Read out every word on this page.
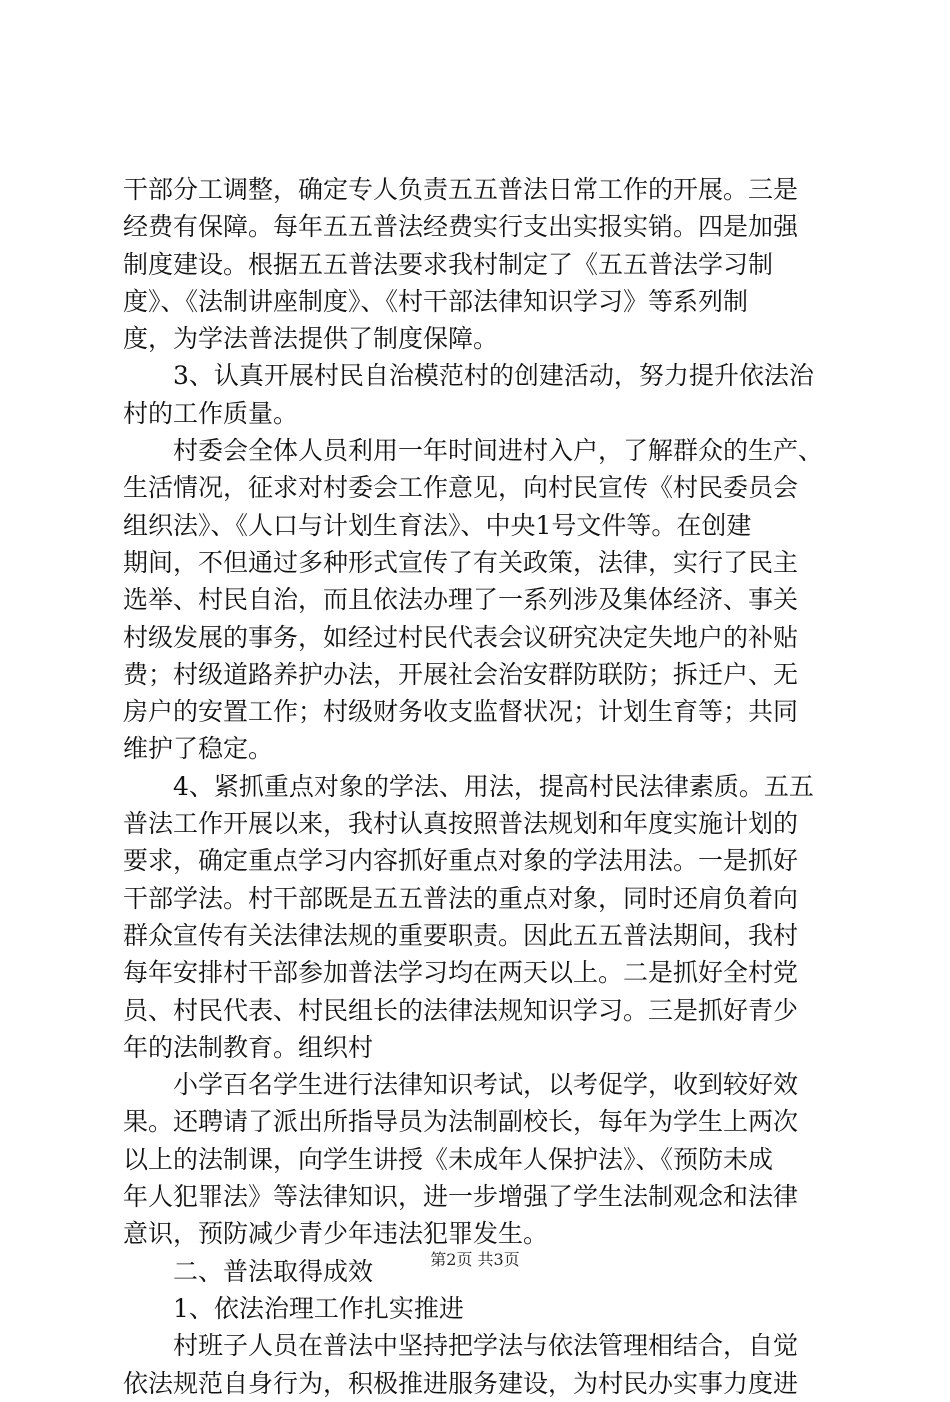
干部分工调整，确定专人负责五五普法日常工作的开展。三是
经费有保障。每年五五普法经费实行支出实报实销。四是加强
制度建设。根据五五普法要求我村制定了《五五普法学习制
度》、《法制讲座制度》、《村干部法律知识学习》等系列制
度，为学法普法提供了制度保障。
　　3、认真开展村民自治模范村的创建活动，努力提升依法治
村的工作质量。
　　村委会全体人员利用一年时间进村入户，了解群众的生产、
生活情况，征求对村委会工作意见，向村民宣传《村民委员会
组织法》、《人口与计划生育法》、中央1号文件等。在创建
期间，不但通过多种形式宣传了有关政策，法律，实行了民主
选举、村民自治，而且依法办理了一系列涉及集体经济、事关
村级发展的事务，如经过村民代表会议研究决定失地户的补贴
费；村级道路养护办法，开展社会治安群防联防；拆迁户、无
房户的安置工作；村级财务收支监督状况；计划生育等；共同
维护了稳定。
　　4、紧抓重点对象的学法、用法，提高村民法律素质。五五
普法工作开展以来，我村认真按照普法规划和年度实施计划的
要求，确定重点学习内容抓好重点对象的学法用法。一是抓好
干部学法。村干部既是五五普法的重点对象，同时还肩负着向
群众宣传有关法律法规的重要职责。因此五五普法期间，我村
每年安排村干部参加普法学习均在两天以上。二是抓好全村党
员、村民代表、村民组长的法律法规知识学习。三是抓好青少
年的法制教育。组织村
　　小学百名学生进行法律知识考试，以考促学，收到较好效
果。还聘请了派出所指导员为法制副校长，每年为学生上两次
以上的法制课，向学生讲授《未成年人保护法》、《预防未成
年人犯罪法》等法律知识，进一步增强了学生法制观念和法律
意识，预防减少青少年违法犯罪发生。
　　二、普法取得成效
　　1、依法治理工作扎实推进
　　村班子人员在普法中坚持把学法与依法管理相结合，自觉
依法规范自身行为，积极推进服务建设，为村民办实事力度进
第2页 共3页
